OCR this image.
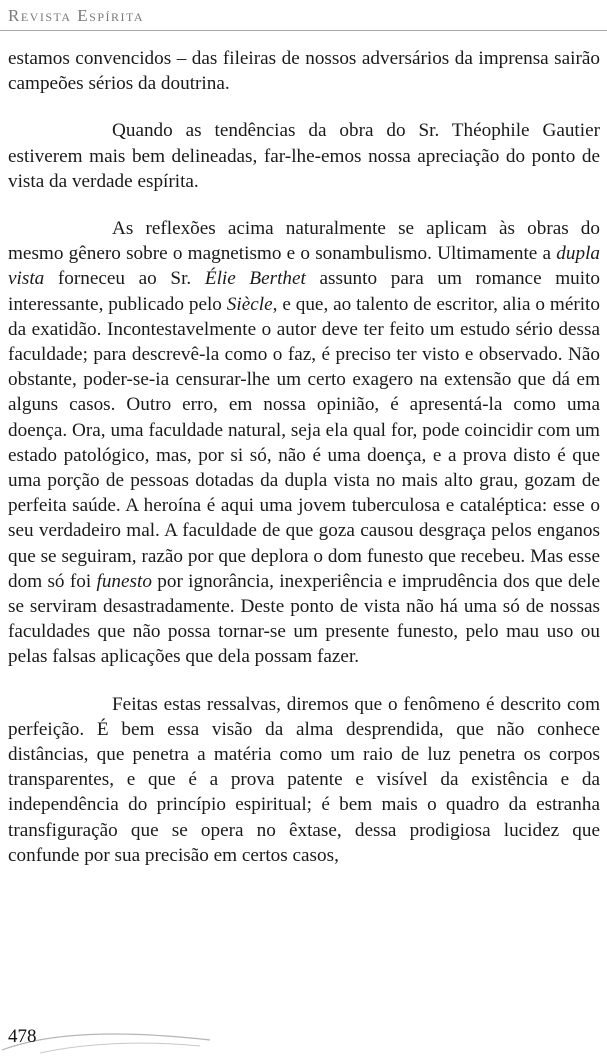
Revista Espírita

estamos convencidos – das fileiras de nossos adversários da imprensa sairão campeões sérios da doutrina.

Quando as tendências da obra do Sr. Théophile Gautier estiverem mais bem delineadas, far-lhe-emos nossa apreciação do ponto de vista da verdade espírita.

As reflexões acima naturalmente se aplicam às obras do mesmo gênero sobre o magnetismo e o sonambulismo. Ultimamente a dupla vista forneceu ao Sr. Élie Berthet assunto para um romance muito interessante, publicado pelo Siècle, e que, ao talento de escritor, alia o mérito da exatidão. Incontestavelmente o autor deve ter feito um estudo sério dessa faculdade; para descrevê-la como o faz, é preciso ter visto e observado. Não obstante, poder-se-ia censurar-lhe um certo exagero na extensão que dá em alguns casos. Outro erro, em nossa opinião, é apresentá-la como uma doença. Ora, uma faculdade natural, seja ela qual for, pode coincidir com um estado patológico, mas, por si só, não é uma doença, e a prova disto é que uma porção de pessoas dotadas da dupla vista no mais alto grau, gozam de perfeita saúde. A heroína é aqui uma jovem tuberculosa e cataléptica: esse o seu verdadeiro mal. A faculdade de que goza causou desgraça pelos enganos que se seguiram, razão por que deplora o dom funesto que recebeu. Mas esse dom só foi funesto por ignorância, inexperiência e imprudência dos que dele se serviram desastradamente. Deste ponto de vista não há uma só de nossas faculdades que não possa tornar-se um presente funesto, pelo mau uso ou pelas falsas aplicações que dela possam fazer.

Feitas estas ressalvas, diremos que o fenômeno é descrito com perfeição. É bem essa visão da alma desprendida, que não conhece distâncias, que penetra a matéria como um raio de luz penetra os corpos transparentes, e que é a prova patente e visível da existência e da independência do princípio espiritual; é bem mais o quadro da estranha transfiguração que se opera no êxtase, dessa prodigiosa lucidez que confunde por sua precisão em certos casos,

478
